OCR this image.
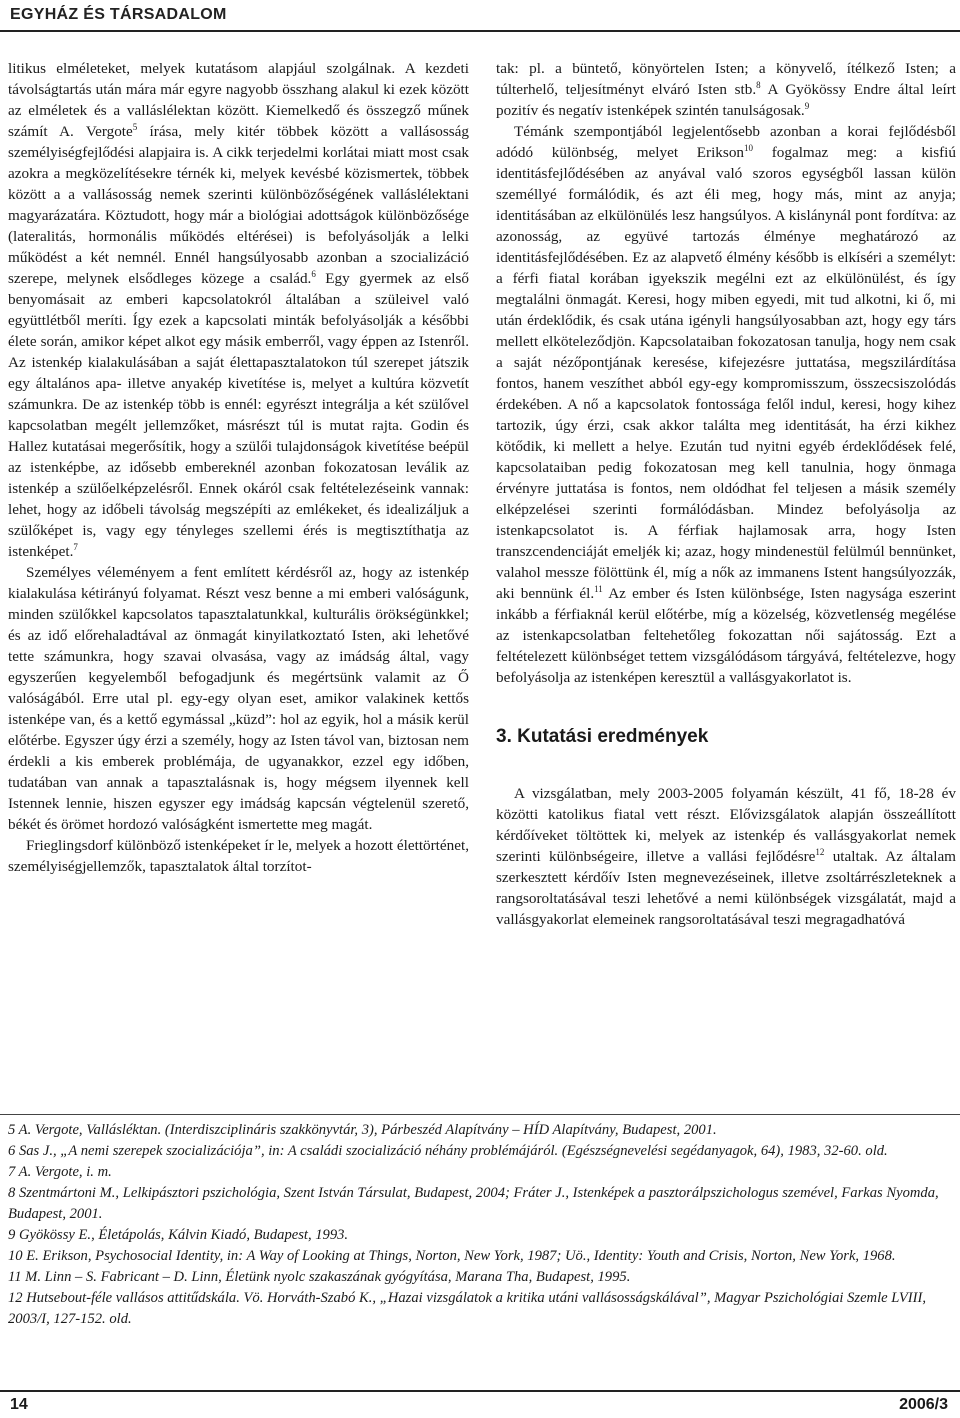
EGYHÁZ ÉS TÁRSADALOM

litikus elméleteket, melyek kutatásom alapjául szolgálnak. A kezdeti távolságtartás után mára már egyre nagyobb összhang alakul ki ezek között az elméletek és a valláslélektan között. Kiemelkedő és összegző műnek számít A. Vergote$^5$ írása, mely kitér többek között a vallásosság személyiségfejlődési alapjaira is. A cikk terjedelmi korlátai miatt most csak azokra a megközelítésekre térnék ki, melyek kevésbé közismertek, többek között a a vallásosság nemek szerinti különbözőségének valláslélektani magyarázatára. Köztudott, hogy már a biológiai adottságok különbözősége (lateralitás, hormonális működés eltérései) is befolyásolják a lelki működést a két nemnél. Ennél hangsúlyosabb azonban a szocializáció szerepe, melynek elsődleges közege a család.$^6$ Egy gyermek az első benyomásait az emberi kapcsolatokról általában a szüleivel való együttlétből meríti. Így ezek a kapcsolati minták befolyásolják a későbbi élete során, amikor képet alkot egy másik emberről, vagy éppen az Istenről. Az istenkép kialakulásában a saját élettapasztalatokon túl szerepet játszik egy általános apa- illetve anyakép kivetítése is, melyet a kultúra közvetít számunkra. De az istenkép több is ennél: egyrészt integrálja a két szülővel kapcsolatban megélt jellemzőket, másrészt túl is mutat rajta. Godin és Hallez kutatásai megerősítik, hogy a szülői tulajdonságok kivetítése beépül az istenképbe, az idősebb embereknél azonban fokozatosan leválik az istenkép a szülőelképzelésről. Ennek okáról csak feltételezéseink vannak: lehet, hogy az időbeli távolság megszépíti az emlékeket, és idealizáljuk a szülőképet is, vagy egy tényleges szellemi érés is megtisztíthatja az istenképet.$^7$

Személyes véleményem a fent említett kérdésről az, hogy az istenkép kialakulása kétirányú folyamat. Részt vesz benne a mi emberi valóságunk, minden szülőkkel kapcsolatos tapasztalatunkkal, kulturális örökségünkkel; és az idő előrehaladtával az önmagát kinyilatkoztató Isten, aki lehetővé tette számunkra, hogy szavai olvasása, vagy az imádság által, vagy egyszerűen kegyelemből befogadjunk és megértsünk valamit az Ő valóságából. Erre utal pl. egy-egy olyan eset, amikor valakinek kettős istenképe van, és a kettő egymással „küzd”: hol az egyik, hol a másik kerül előtérbe. Egyszer úgy érzi a személy, hogy az Isten távol van, biztosan nem érdekli a kis emberek problémája, de ugyanakkor, ezzel egy időben, tudatában van annak a tapasztalásnak is, hogy mégsem ilyennek kell Istennek lennie, hiszen egyszer egy imádság kapcsán végtelenül szerető, békét és örömet hordozó valóságként ismertette meg magát.

Frieglingsdorf különböző istenképeket ír le, melyek a hozott élettörténet, személyiségjellemzők, tapasztalatok által torzítot-

tak: pl. a büntető, könyörtelen Isten; a könyvelő, ítélkező Isten; a túlterhelő, teljesítményt elváró Isten stb.$^8$ A Gyökössy Endre által leírt pozitív és negatív istenképek szintén tanulságosak.$^9$

Témánk szempontjából legjelentősebb azonban a korai fejlődésből adódó különbség, melyet Erikson$^{10}$ fogalmaz meg: a kisfiú identitásfejlődésében az anyával való szoros egységből lassan külön személlyé formálódik, és azt éli meg, hogy más, mint az anyja; identitásában az elkülönülés lesz hangsúlyos. A kislánynál pont fordítva: az azonosság, az együvé tartozás élménye meghatározó az identitásfejlődésében. Ez az alapvető élmény később is elkíséri a személyt: a férfi fiatal korában igyekszik megélni ezt az elkülönülést, és így megtalálni önmagát. Keresi, hogy miben egyedi, mit tud alkotni, ki ő, mi után érdeklődik, és csak utána igényli hangsúlyosabban azt, hogy egy társ mellett elköteleződjön. Kapcsolataiban fokozatosan tanulja, hogy nem csak a saját nézőpontjának keresése, kifejezésre juttatása, megszilárdítása fontos, hanem veszíthet abból egy-egy kompromisszum, összecsiszolódás érdekében. A nő a kapcsolatok fontossága felől indul, keresi, hogy kihez tartozik, úgy érzi, csak akkor találta meg identitását, ha érzi kikhez kötődik, ki mellett a helye. Ezután tud nyitni egyéb érdeklődések felé, kapcsolataiban pedig fokozatosan meg kell tanulnia, hogy önmaga érvényre juttatása is fontos, nem oldódhat fel teljesen a másik személy elképzelései szerinti formálódásban. Mindez befolyásolja az istenkapcsolatot is. A férfiak hajlamosak arra, hogy Isten transzcendenciáját emeljék ki; azaz, hogy mindenestül felülmúl bennünket, valahol messze fölöttünk él, míg a nők az immanens Istent hangsúlyozzák, aki bennünk él.$^{11}$ Az ember és Isten különbsége, Isten nagysága eszerint inkább a férfiaknál kerül előtérbe, míg a közelség, közvetlenség megélése az istenkapcsolatban feltehetőleg fokozattan női sajátosság. Ezt a feltételezett különbséget tettem vizsgálódásom tárgyává, feltételezve, hogy befolyásolja az istenképen keresztül a vallásgyakorlatot is.

3. Kutatási eredmények

A vizsgálatban, mely 2003-2005 folyamán készült, 41 fő, 18-28 év közötti katolikus fiatal vett részt. Elővizsgálatok alapján összeállított kérdőíveket töltöttek ki, melyek az istenkép és vallásgyakorlat nemek szerinti különbségeire, illetve a vallási fejlődésre$^{12}$ utaltak. Az általam szerkesztett kérdőív Isten megnevezéseinek, illetve zsoltárrészleteknek a rangsoroltatásával teszi lehetővé a nemi különbségek vizsgálatát, majd a vallásgyakorlat elemeinek rangsoroltatásával teszi megragadhatóvá

5 A. Vergote, Vallásléktan. (Interdiszciplináris szakkönyvtár, 3), Párbeszéd Alapítvány – HÍD Alapítvány, Budapest, 2001.

6 Sas J., „A nemi szerepek szocializációja”, in: A családi szocializáció néhány problémájáról. (Egészségnevelési segédanyagok, 64), 1983, 32-60. old.

7 A. Vergote, i. m.

8 Szentmártoni M., Lelkipásztori pszichológia, Szent István Társulat, Budapest, 2004; Fráter J., Istenképek a pasztorálpszichologus szemével, Farkas Nyomda, Budapest, 2001.

9 Gyökössy E., Életápolás, Kálvin Kiadó, Budapest, 1993.

10 E. Erikson, Psychosocial Identity, in: A Way of Looking at Things, Norton, New York, 1987; Uö., Identity: Youth and Crisis, Norton, New York, 1968.

11 M. Linn – S. Fabricant – D. Linn, Életünk nyolc szakaszának gyógyítása, Marana Tha, Budapest, 1995.

12 Hutsebout-féle vallásos attitűdskála. Vö. Horváth-Szabó K., „Hazai vizsgálatok a kritika utáni vallásosságskálával”, Magyar Pszichológiai Szemle LVIII, 2003/I, 127-152. old.

14	2006/3
